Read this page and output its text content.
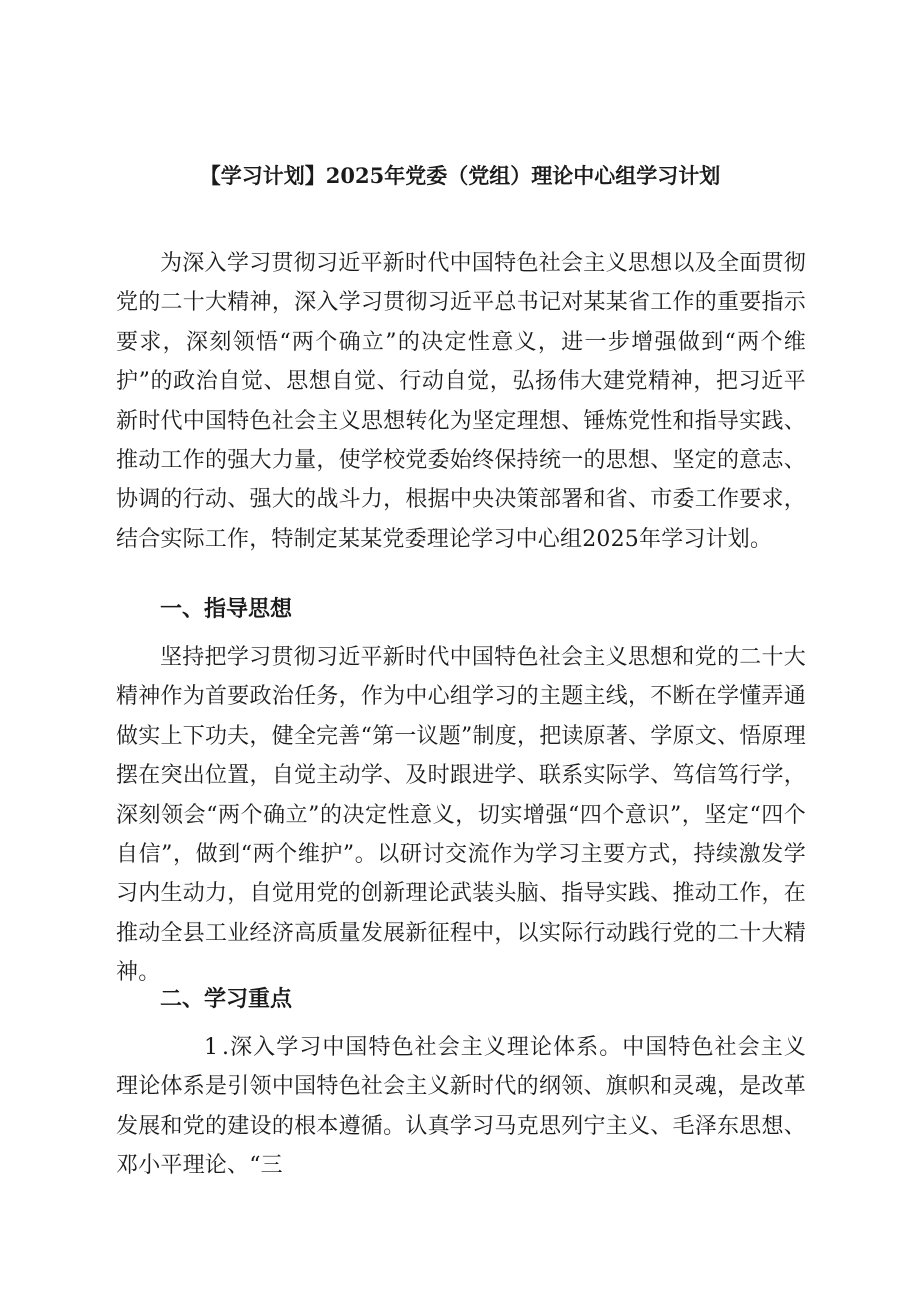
【学习计划】2025年党委（党组）理论中心组学习计划

为深入学习贯彻习近平新时代中国特色社会主义思想以及全面贯彻党的二十大精神，深入学习贯彻习近平总书记对某某省工作的重要指示要求，深刻领悟“两个确立”的决定性意义，进一步增强做到“两个维护”的政治自觉、思想自觉、行动自觉，弘扬伟大建党精神，把习近平新时代中国特色社会主义思想转化为坚定理想、锤炼党性和指导实践、推动工作的强大力量，使学校党委始终保持统一的思想、坚定的意志、协调的行动、强大的战斗力，根据中央决策部署和省、市委工作要求，结合实际工作，特制定某某党委理论学习中心组2025年学习计划。

一、指导思想

坚持把学习贯彻习近平新时代中国特色社会主义思想和党的二十大精神作为首要政治任务，作为中心组学习的主题主线，不断在学懂弄通做实上下功夫，健全完善“第一议题”制度，把读原著、学原文、悟原理摆在突出位置，自觉主动学、及时跟进学、联系实际学、笃信笃行学，深刻领会“两个确立”的决定性意义，切实增强“四个意识”，坚定“四个自信”，做到“两个维护”。以研讨交流作为学习主要方式，持续激发学习内生动力，自觉用党的创新理论武装头脑、指导实践、推动工作，在推动全县工业经济高质量发展新征程中，以实际行动践行党的二十大精神。

二、学习重点

1 .深入学习中国特色社会主义理论体系。中国特色社会主义理论体系是引领中国特色社会主义新时代的纲领、旗帜和灵魂，是改革发展和党的建设的根本遵循。认真学习马克思列宁主义、毛泽东思想、邓小平理论、“三
